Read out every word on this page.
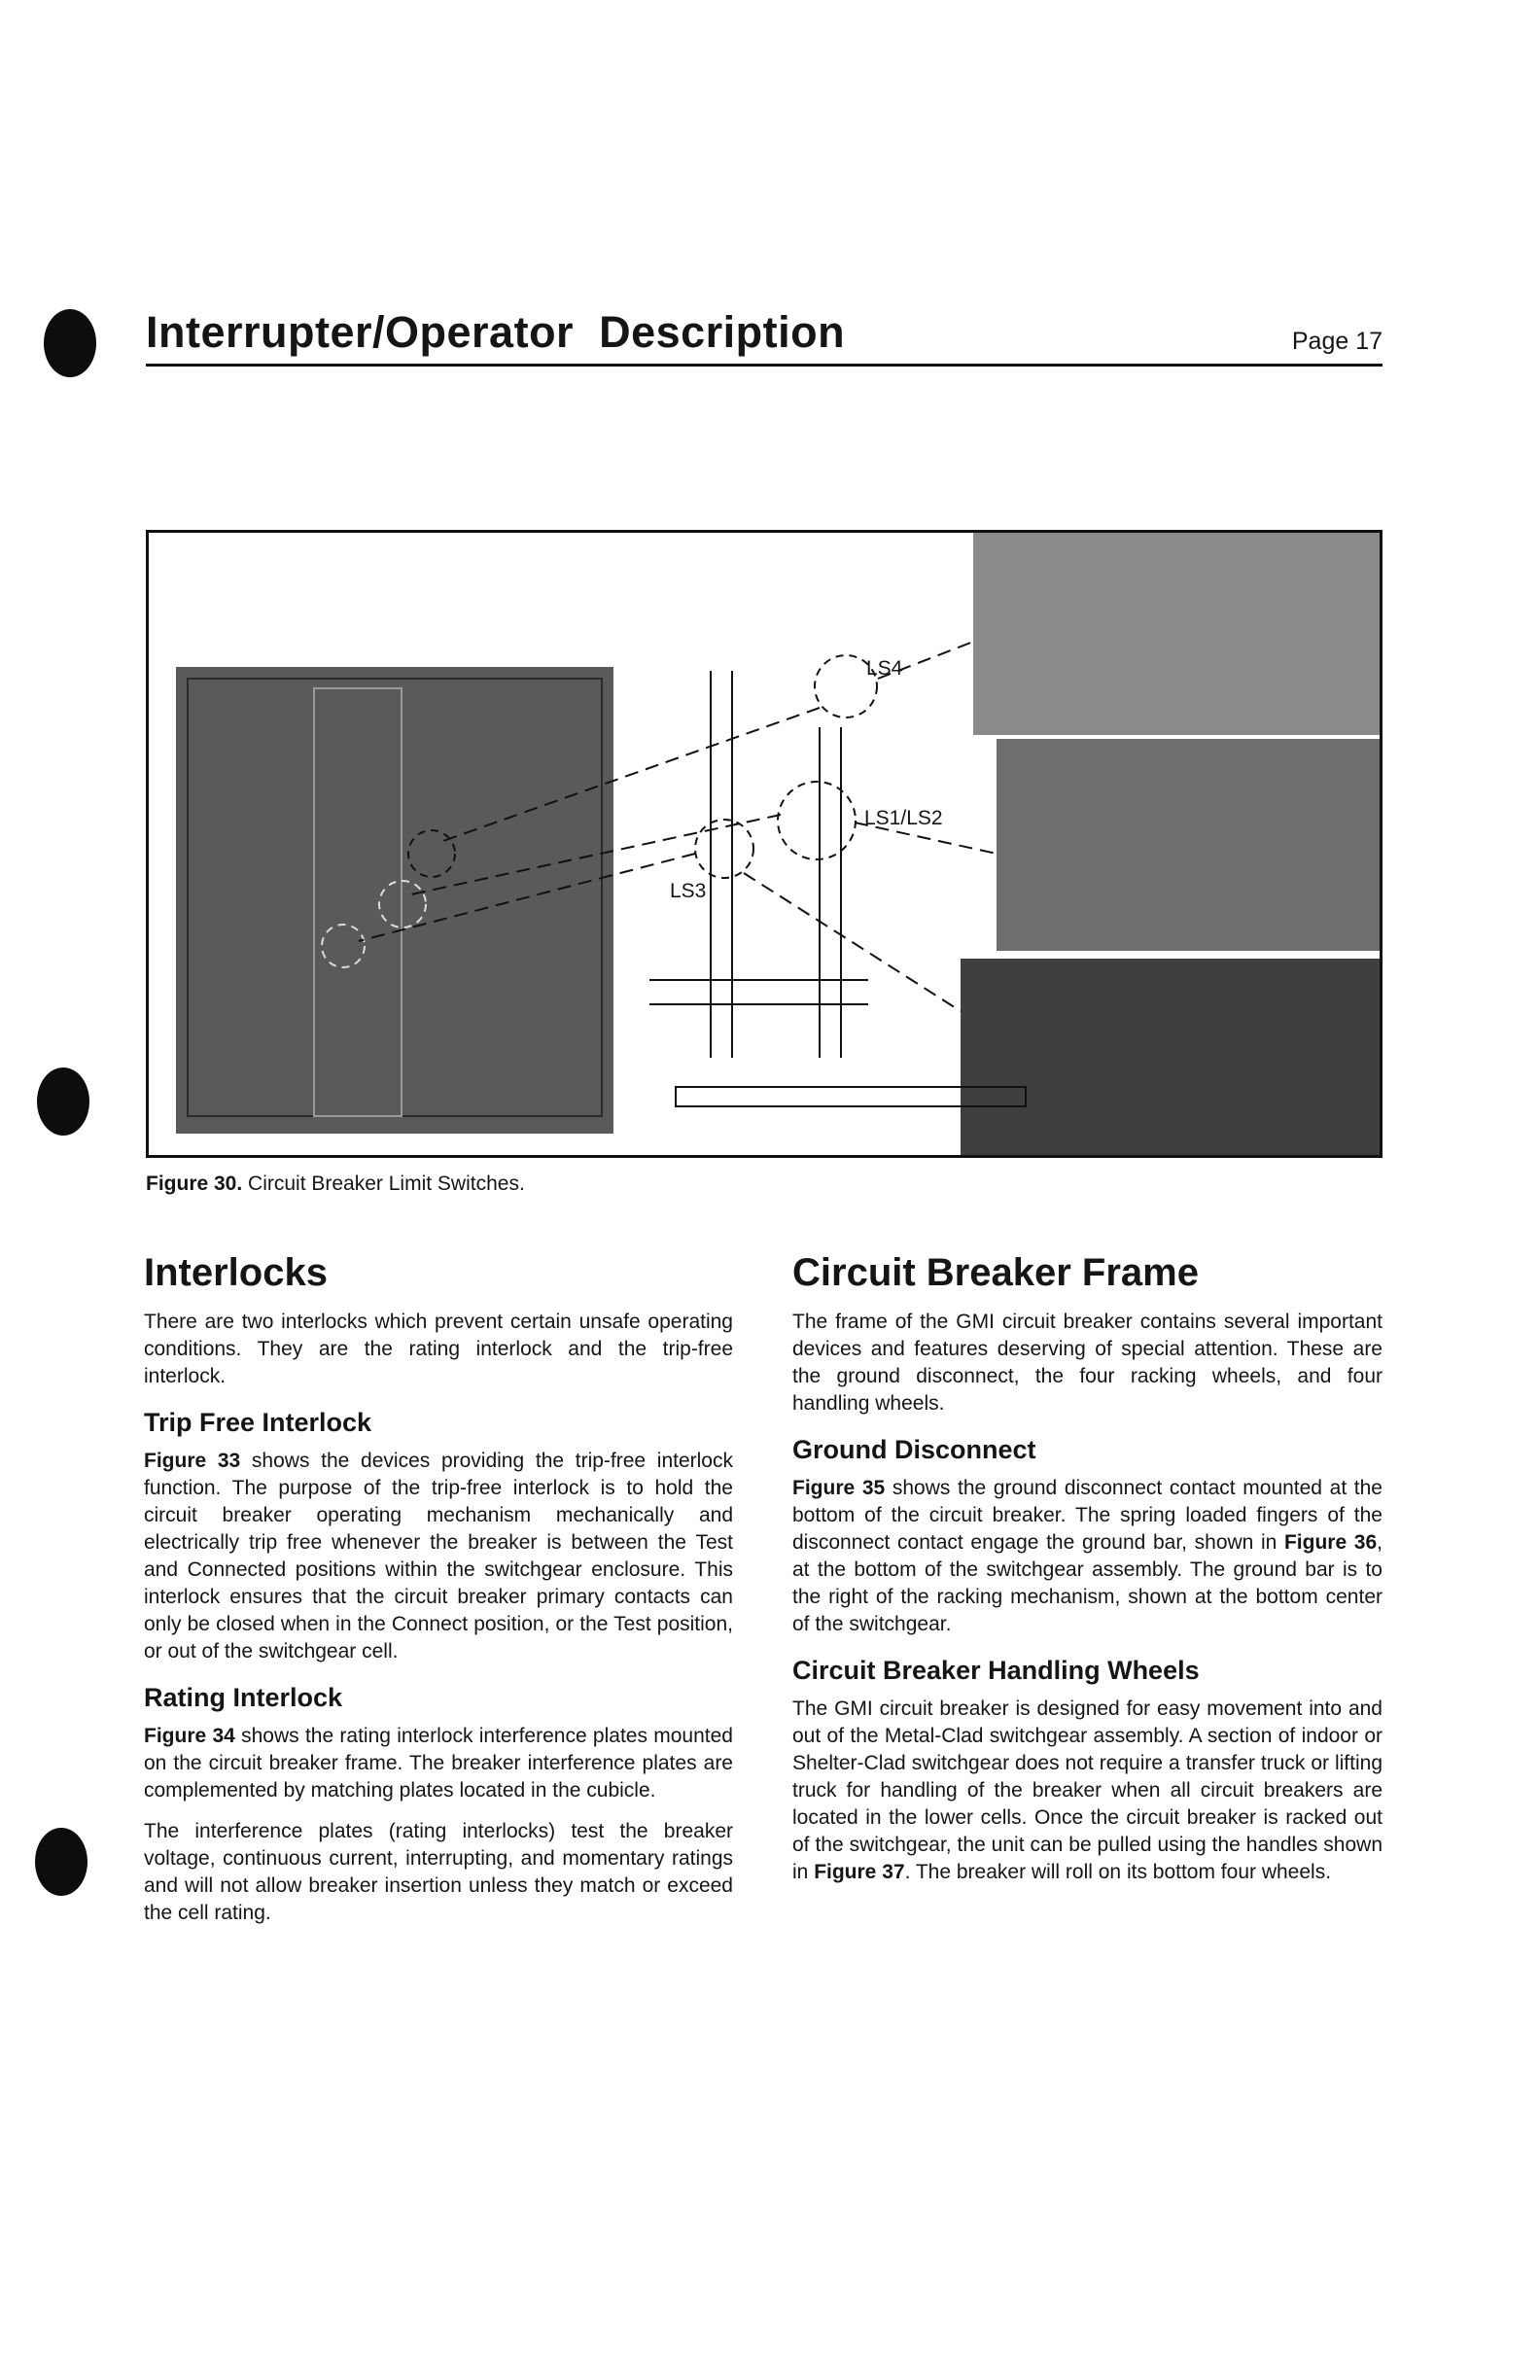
Interrupter/Operator  Description	Page 17
LS4
LS1/LS2
LS3
Figure 30. Circuit Breaker Limit Switches.
Interlocks

There are two interlocks which prevent certain unsafe operating conditions. They are the rating interlock and the trip-free interlock.

Trip Free Interlock

Figure 33 shows the devices providing the trip-free interlock function. The purpose of the trip-free interlock is to hold the circuit breaker operating mechanism mechanically and electrically trip free whenever the breaker is between the Test and Connected positions within the switchgear enclosure. This interlock ensures that the circuit breaker primary contacts can only be closed when in the Connect position, or the Test position, or out of the switchgear cell.

Rating Interlock

Figure 34 shows the rating interlock interference plates mounted on the circuit breaker frame. The breaker interference plates are complemented by matching plates located in the cubicle.

The interference plates (rating interlocks) test the breaker voltage, continuous current, interrupting, and momentary ratings and will not allow breaker insertion unless they match or exceed the cell rating.

Circuit Breaker Frame

The frame of the GMI circuit breaker contains several important devices and features deserving of special attention. These are the ground disconnect, the four racking wheels, and four handling wheels.

Ground Disconnect

Figure 35 shows the ground disconnect contact mounted at the bottom of the circuit breaker. The spring loaded fingers of the disconnect contact engage the ground bar, shown in Figure 36, at the bottom of the switchgear assembly. The ground bar is to the right of the racking mechanism, shown at the bottom center of the switchgear.

Circuit Breaker Handling Wheels

The GMI circuit breaker is designed for easy movement into and out of the Metal-Clad switchgear assembly. A section of indoor or Shelter-Clad switchgear does not require a transfer truck or lifting truck for handling of the breaker when all circuit breakers are located in the lower cells. Once the circuit breaker is racked out of the switchgear, the unit can be pulled using the handles shown in Figure 37. The breaker will roll on its bottom four wheels.
